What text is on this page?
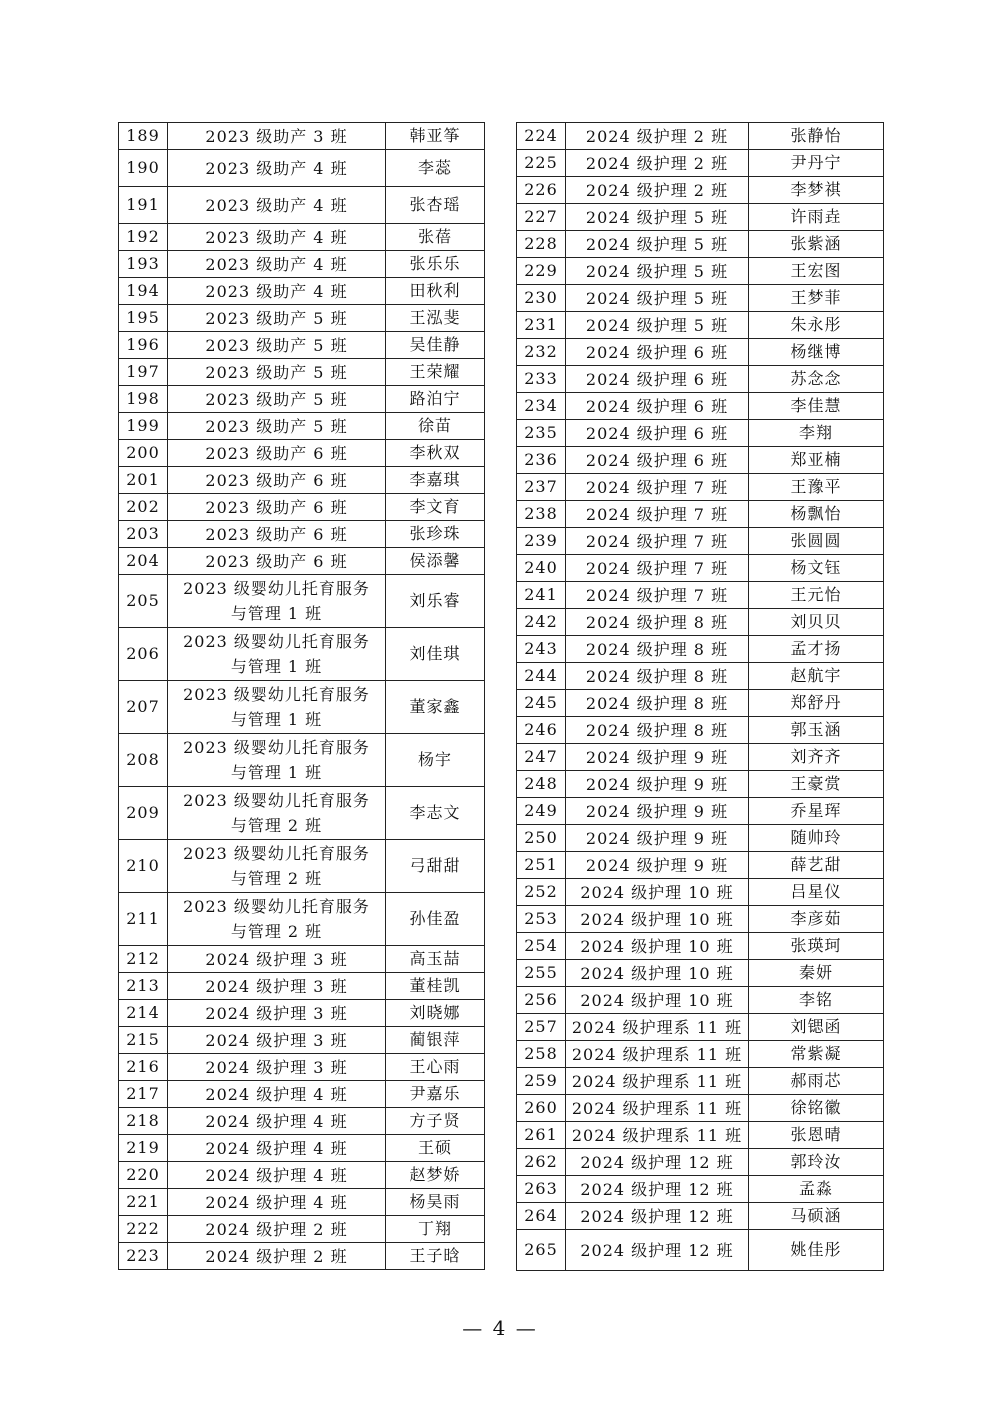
189	2023 级助产 3 班	韩亚筝
190	2023 级助产 4 班	李蕊
191	2023 级助产 4 班	张杏瑶
192	2023 级助产 4 班	张蓓
193	2023 级助产 4 班	张乐乐
194	2023 级助产 4 班	田秋利
195	2023 级助产 5 班	王泓斐
196	2023 级助产 5 班	吴佳静
197	2023 级助产 5 班	王荣耀
198	2023 级助产 5 班	路泊宁
199	2023 级助产 5 班	徐苗
200	2023 级助产 6 班	李秋双
201	2023 级助产 6 班	李嘉琪
202	2023 级助产 6 班	李文育
203	2023 级助产 6 班	张珍珠
204	2023 级助产 6 班	侯添馨
205	2023 级婴幼儿托育服务
与管理 1 班	刘乐睿
206	2023 级婴幼儿托育服务
与管理 1 班	刘佳琪
207	2023 级婴幼儿托育服务
与管理 1 班	董家鑫
208	2023 级婴幼儿托育服务
与管理 1 班	杨宇
209	2023 级婴幼儿托育服务
与管理 2 班	李志文
210	2023 级婴幼儿托育服务
与管理 2 班	弓甜甜
211	2023 级婴幼儿托育服务
与管理 2 班	孙佳盈
212	2024 级护理 3 班	高玉喆
213	2024 级护理 3 班	董桂凯
214	2024 级护理 3 班	刘晓娜
215	2024 级护理 3 班	蔺银萍
216	2024 级护理 3 班	王心雨
217	2024 级护理 4 班	尹嘉乐
218	2024 级护理 4 班	方子贤
219	2024 级护理 4 班	王硕
220	2024 级护理 4 班	赵梦娇
221	2024 级护理 4 班	杨昊雨
222	2024 级护理 2 班	丁翔
223	2024 级护理 2 班	王子晗
224	2024 级护理 2 班	张静怡
225	2024 级护理 2 班	尹丹宁
226	2024 级护理 2 班	李梦祺
227	2024 级护理 5 班	许雨垚
228	2024 级护理 5 班	张紫涵
229	2024 级护理 5 班	王宏图
230	2024 级护理 5 班	王梦菲
231	2024 级护理 5 班	朱永彤
232	2024 级护理 6 班	杨继博
233	2024 级护理 6 班	苏念念
234	2024 级护理 6 班	李佳慧
235	2024 级护理 6 班	李翔
236	2024 级护理 6 班	郑亚楠
237	2024 级护理 7 班	王豫平
238	2024 级护理 7 班	杨飘怡
239	2024 级护理 7 班	张圆圆
240	2024 级护理 7 班	杨文钰
241	2024 级护理 7 班	王元怡
242	2024 级护理 8 班	刘贝贝
243	2024 级护理 8 班	孟才扬
244	2024 级护理 8 班	赵航宇
245	2024 级护理 8 班	郑舒丹
246	2024 级护理 8 班	郭玉涵
247	2024 级护理 9 班	刘齐齐
248	2024 级护理 9 班	王豪赏
249	2024 级护理 9 班	乔星珲
250	2024 级护理 9 班	随帅玲
251	2024 级护理 9 班	薛艺甜
252	2024 级护理 10 班	吕星仪
253	2024 级护理 10 班	李彦茹
254	2024 级护理 10 班	张瑛珂
255	2024 级护理 10 班	秦妍
256	2024 级护理 10 班	李铭
257	2024 级护理系 11 班	刘锶函
258	2024 级护理系 11 班	常紫凝
259	2024 级护理系 11 班	郝雨芯
260	2024 级护理系 11 班	徐铭徽
261	2024 级护理系 11 班	张恩晴
262	2024 级护理 12 班	郭玲汝
263	2024 级护理 12 班	孟淼
264	2024 级护理 12 班	马硕涵
265	2024 级护理 12 班	姚佳彤
— 4 —
